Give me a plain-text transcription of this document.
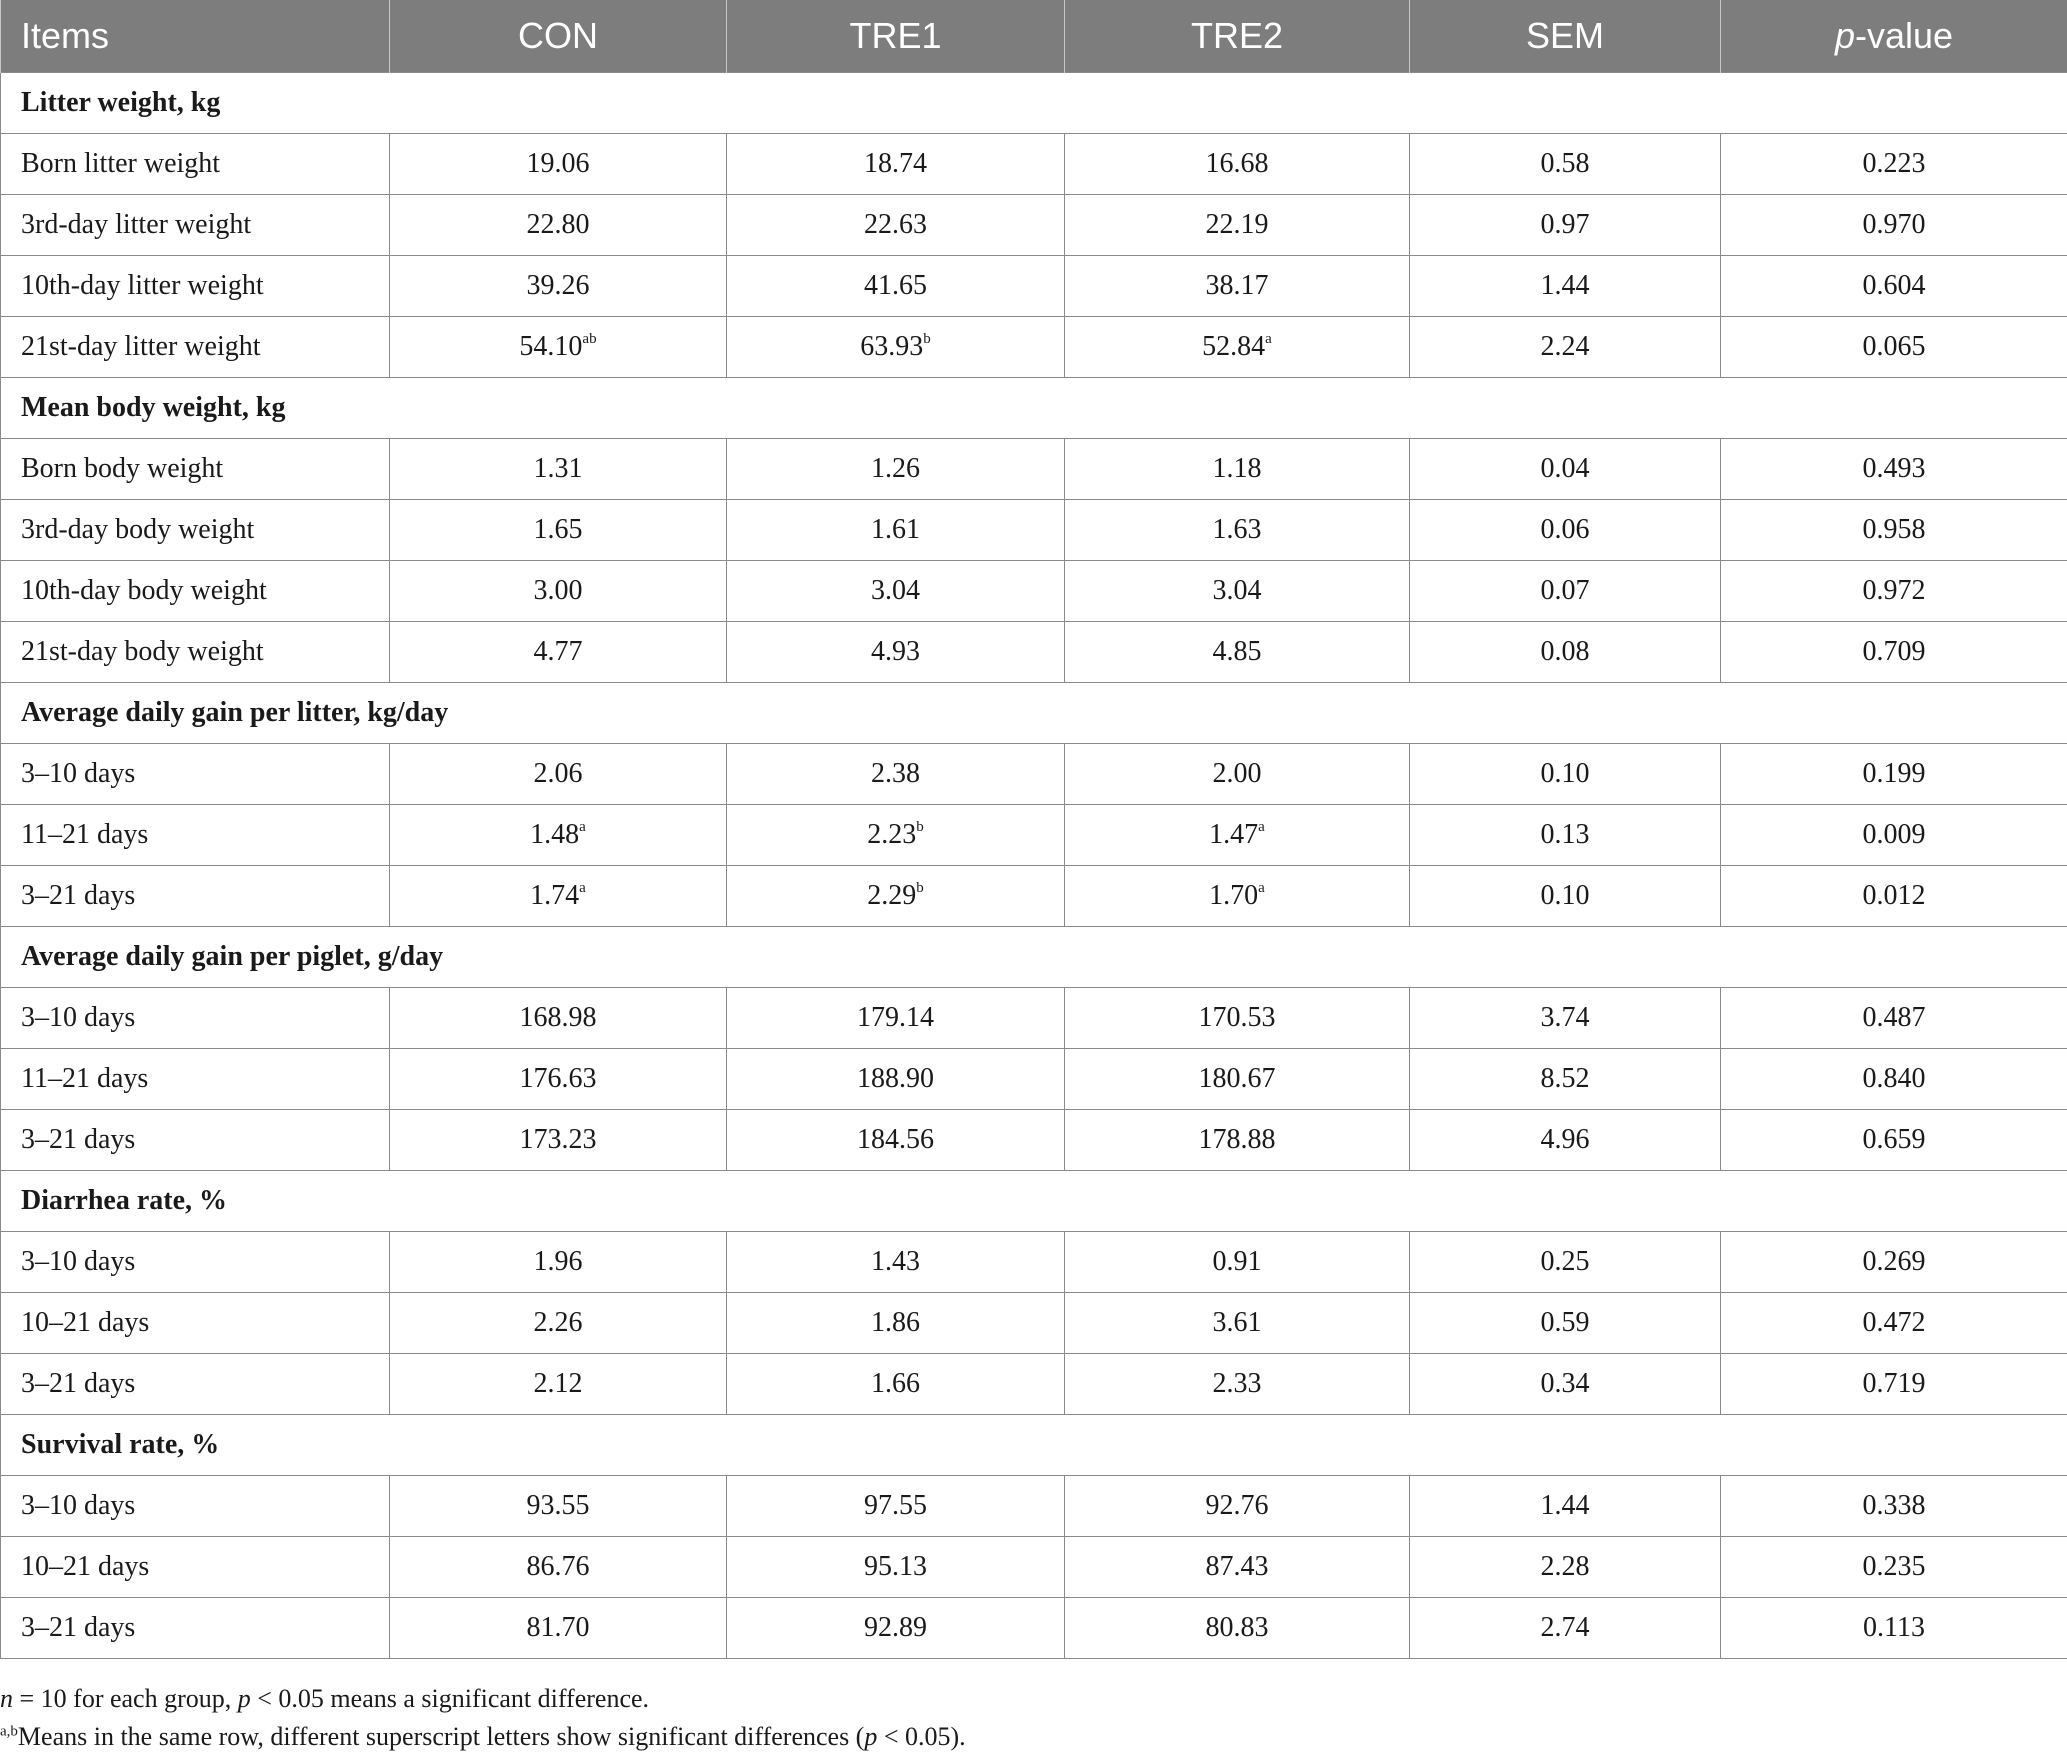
Items	CON	TRE1	TRE2	SEM	p-value
Litter weight, kg					
Born litter weight	19.06	18.74	16.68	0.58	0.223
3rd-day litter weight	22.80	22.63	22.19	0.97	0.970
10th-day litter weight	39.26	41.65	38.17	1.44	0.604
21st-day litter weight	54.10$^{ab}$	63.93$^b$	52.84$^a$	2.24	0.065
Mean body weight, kg					
Born body weight	1.31	1.26	1.18	0.04	0.493
3rd-day body weight	1.65	1.61	1.63	0.06	0.958
10th-day body weight	3.00	3.04	3.04	0.07	0.972
21st-day body weight	4.77	4.93	4.85	0.08	0.709
Average daily gain per litter, kg/day					
3–10 days	2.06	2.38	2.00	0.10	0.199
11–21 days	1.48$^a$	2.23$^b$	1.47$^a$	0.13	0.009
3–21 days	1.74$^a$	2.29$^b$	1.70$^a$	0.10	0.012
Average daily gain per piglet, g/day					
3–10 days	168.98	179.14	170.53	3.74	0.487
11–21 days	176.63	188.90	180.67	8.52	0.840
3–21 days	173.23	184.56	178.88	4.96	0.659
Diarrhea rate, %					
3–10 days	1.96	1.43	0.91	0.25	0.269
10–21 days	2.26	1.86	3.61	0.59	0.472
3–21 days	2.12	1.66	2.33	0.34	0.719
Survival rate, %					
3–10 days	93.55	97.55	92.76	1.44	0.338
10–21 days	86.76	95.13	87.43	2.28	0.235
3–21 days	81.70	92.89	80.83	2.74	0.113

n = 10 for each group, p < 0.05 means a significant difference.

$^{a,b}$Means in the same row, different superscript letters show significant differences (p < 0.05).
